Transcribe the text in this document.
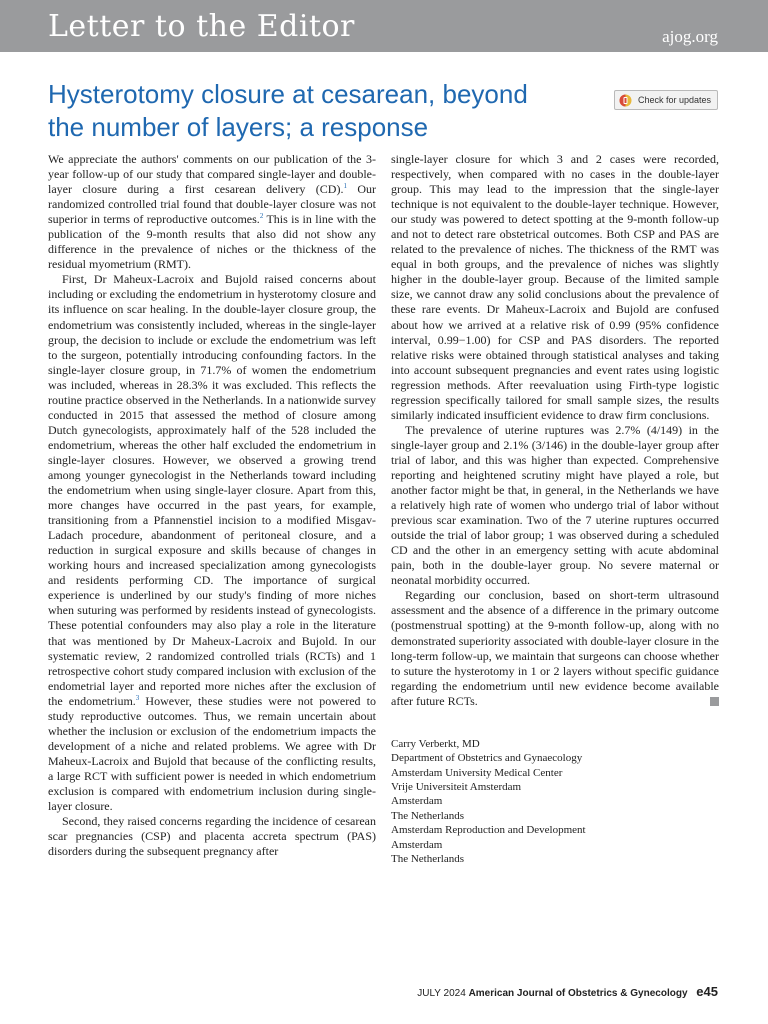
Letter to the Editor	ajog.org
Hysterotomy closure at cesarean, beyond the number of layers; a response
Check for updates

We appreciate the authors' comments on our publication of the 3-year follow-up of our study that compared single-layer and double-layer closure during a first cesarean delivery (CD).$^1$ Our randomized controlled trial found that double-layer closure was not superior in terms of reproductive outcomes.$^2$ This is in line with the publication of the 9-month results that also did not show any difference in the prevalence of niches or the thickness of the residual myometrium (RMT).

First, Dr Maheux-Lacroix and Bujold raised concerns about including or excluding the endometrium in hysterotomy closure and its influence on scar healing. In the double-layer closure group, the endometrium was consistently included, whereas in the single-layer group, the decision to include or exclude the endometrium was left to the surgeon, potentially introducing confounding factors. In the single-layer closure group, in 71.7% of women the endometrium was included, whereas in 28.3% it was excluded. This reflects the routine practice observed in the Netherlands. In a nationwide survey conducted in 2015 that assessed the method of closure among Dutch gynecologists, approximately half of the 528 included the endometrium, whereas the other half excluded the endometrium in single-layer closures. However, we observed a growing trend among younger gynecologist in the Netherlands toward including the endometrium when using single-layer closure. Apart from this, more changes have occurred in the past years, for example, transitioning from a Pfannenstiel incision to a modified Misgav-Ladach procedure, abandonment of peritoneal closure, and a reduction in surgical exposure and skills because of changes in working hours and increased specialization among gynecologists and residents performing CD. The importance of surgical experience is underlined by our study's finding of more niches when suturing was performed by residents instead of gynecologists. These potential confounders may also play a role in the literature that was mentioned by Dr Maheux-Lacroix and Bujold. In our systematic review, 2 randomized controlled trials (RCTs) and 1 retrospective cohort study compared inclusion with exclusion of the endometrial layer and reported more niches after the exclusion of the endometrium.$^3$ However, these studies were not powered to study reproductive outcomes. Thus, we remain uncertain about whether the inclusion or exclusion of the endometrium impacts the development of a niche and related problems. We agree with Dr Maheux-Lacroix and Bujold that because of the conflicting results, a large RCT with sufficient power is needed in which endometrium exclusion is compared with endometrium inclusion during single-layer closure.

Second, they raised concerns regarding the incidence of cesarean scar pregnancies (CSP) and placenta accreta spectrum (PAS) disorders during the subsequent pregnancy after

single-layer closure for which 3 and 2 cases were recorded, respectively, when compared with no cases in the double-layer group. This may lead to the impression that the single-layer technique is not equivalent to the double-layer technique. However, our study was powered to detect spotting at the 9-month follow-up and not to detect rare obstetrical outcomes. Both CSP and PAS are related to the prevalence of niches. The thickness of the RMT was equal in both groups, and the prevalence of niches was slightly higher in the double-layer group. Because of the limited sample size, we cannot draw any solid conclusions about the prevalence of these rare events. Dr Maheux-Lacroix and Bujold are confused about how we arrived at a relative risk of 0.99 (95% confidence interval, 0.99−1.00) for CSP and PAS disorders. The reported relative risks were obtained through statistical analyses and taking into account subsequent pregnancies and event rates using logistic regression methods. After reevaluation using Firth-type logistic regression specifically tailored for small sample sizes, the results similarly indicated insufficient evidence to draw firm conclusions.

The prevalence of uterine ruptures was 2.7% (4/149) in the single-layer group and 2.1% (3/146) in the double-layer group after trial of labor, and this was higher than expected. Comprehensive reporting and heightened scrutiny might have played a role, but another factor might be that, in general, in the Netherlands we have a relatively high rate of women who undergo trial of labor without previous scar examination. Two of the 7 uterine ruptures occurred outside the trial of labor group; 1 was observed during a scheduled CD and the other in an emergency setting with acute abdominal pain, both in the double-layer group. No severe maternal or neonatal morbidity occurred.

Regarding our conclusion, based on short-term ultrasound assessment and the absence of a difference in the primary outcome (postmenstrual spotting) at the 9-month follow-up, along with no demonstrated superiority associated with double-layer closure in the long-term follow-up, we maintain that surgeons can choose whether to suture the hysterotomy in 1 or 2 layers without specific guidance regarding the endometrium until new evidence become available after future RCTs.

Carry Verberkt, MD
Department of Obstetrics and Gynaecology
Amsterdam University Medical Center
Vrije Universiteit Amsterdam
Amsterdam
The Netherlands
Amsterdam Reproduction and Development
Amsterdam
The Netherlands
JULY 2024 American Journal of Obstetrics & Gynecology e45
